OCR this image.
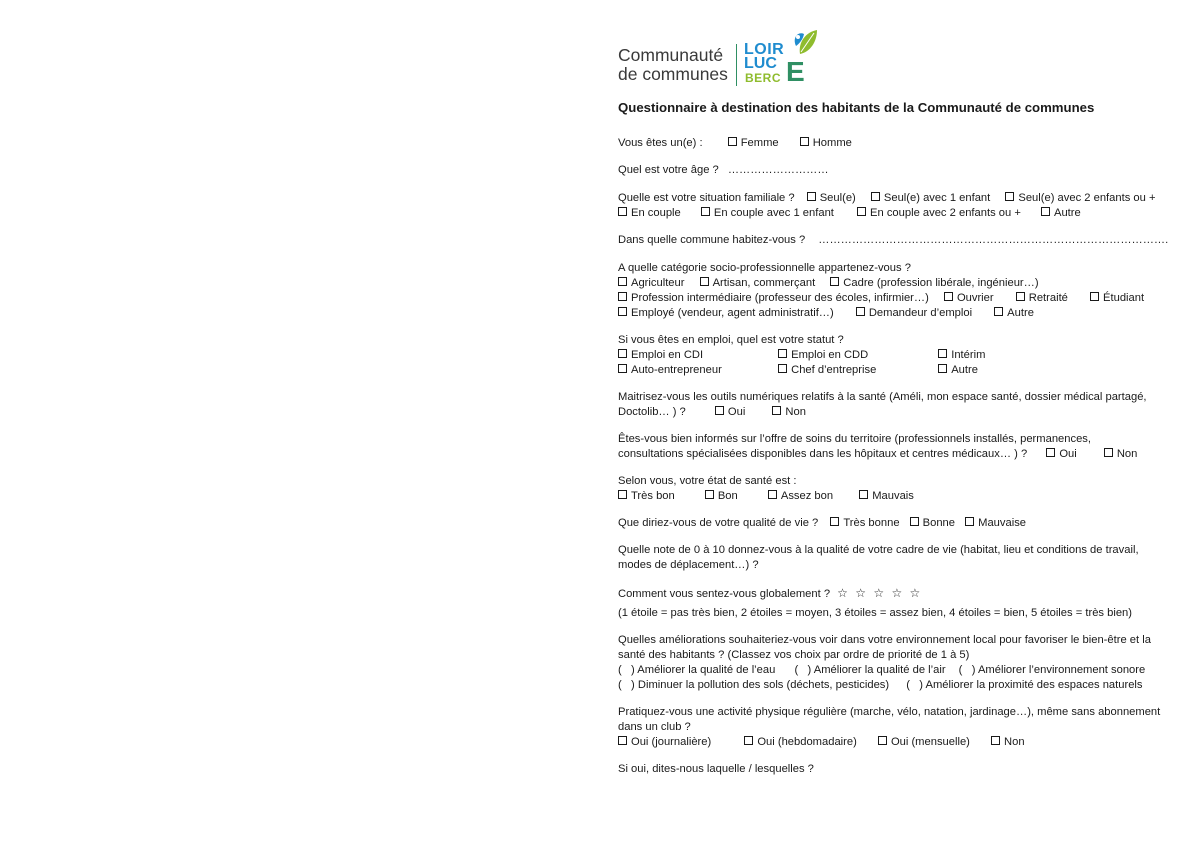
Communauté
de communes
LOIR
LUC
BERC E
Questionnaire à destination des habitants de la Communauté de communes
Vous êtes un(e) :	Femme	Homme
Quel est votre âge ? ………………………
Quelle est votre situation familiale ? Seul(e)	Seul(e) avec 1 enfant	Seul(e) avec 2 enfants ou +
En couple	En couple avec 1 enfant	En couple avec 2 enfants ou +	Autre
Dans quelle commune habitez-vous ? ………………………………………………………………………………….
A quelle catégorie socio-professionnelle appartenez-vous ?
Agriculteur	Artisan, commerçant	Cadre (profession libérale, ingénieur…)
Profession intermédiaire (professeur des écoles, infirmier…)	Ouvrier	Retraité	Étudiant
Employé (vendeur, agent administratif…)	Demandeur d’emploi	Autre
Si vous êtes en emploi, quel est votre statut ?
Emploi en CDI	Emploi en CDD	Intérim
Auto-entrepreneur	Chef d’entreprise	Autre
Maitrisez-vous les outils numériques relatifs à la santé (Améli, mon espace santé, dossier médical partagé,
Doctolib… ) ?	Oui	Non
Êtes-vous bien informés sur l’offre de soins du territoire (professionnels installés, permanences,
consultations spécialisées disponibles dans les hôpitaux et centres médicaux… ) ?	Oui	Non
Selon vous, votre état de santé est :
Très bon	Bon	Assez bon	Mauvais
Que diriez-vous de votre qualité de vie ? Très bonne Bonne Mauvaise
Quelle note de 0 à 10 donnez-vous à la qualité de votre cadre de vie (habitat, lieu et conditions de travail,
modes de déplacement…) ?
Comment vous sentez-vous globalement ? ☆ ☆ ☆ ☆ ☆
(1 étoile = pas très bien, 2 étoiles = moyen, 3 étoiles = assez bien, 4 étoiles = bien, 5 étoiles = très bien)
Quelles améliorations souhaiteriez-vous voir dans votre environnement local pour favoriser le bien-être et la
santé des habitants ? (Classez vos choix par ordre de priorité de 1 à 5)
(   ) Améliorer la qualité de l’eau (   ) Améliorer la qualité de l’air (   ) Améliorer l’environnement sonore
(   ) Diminuer la pollution des sols (déchets, pesticides) (   ) Améliorer la proximité des espaces naturels
Pratiquez-vous une activité physique régulière (marche, vélo, natation, jardinage…), même sans abonnement
dans un club ?
Oui (journalière)	Oui (hebdomadaire)	Oui (mensuelle)	Non
Si oui, dites-nous laquelle / lesquelles ?
